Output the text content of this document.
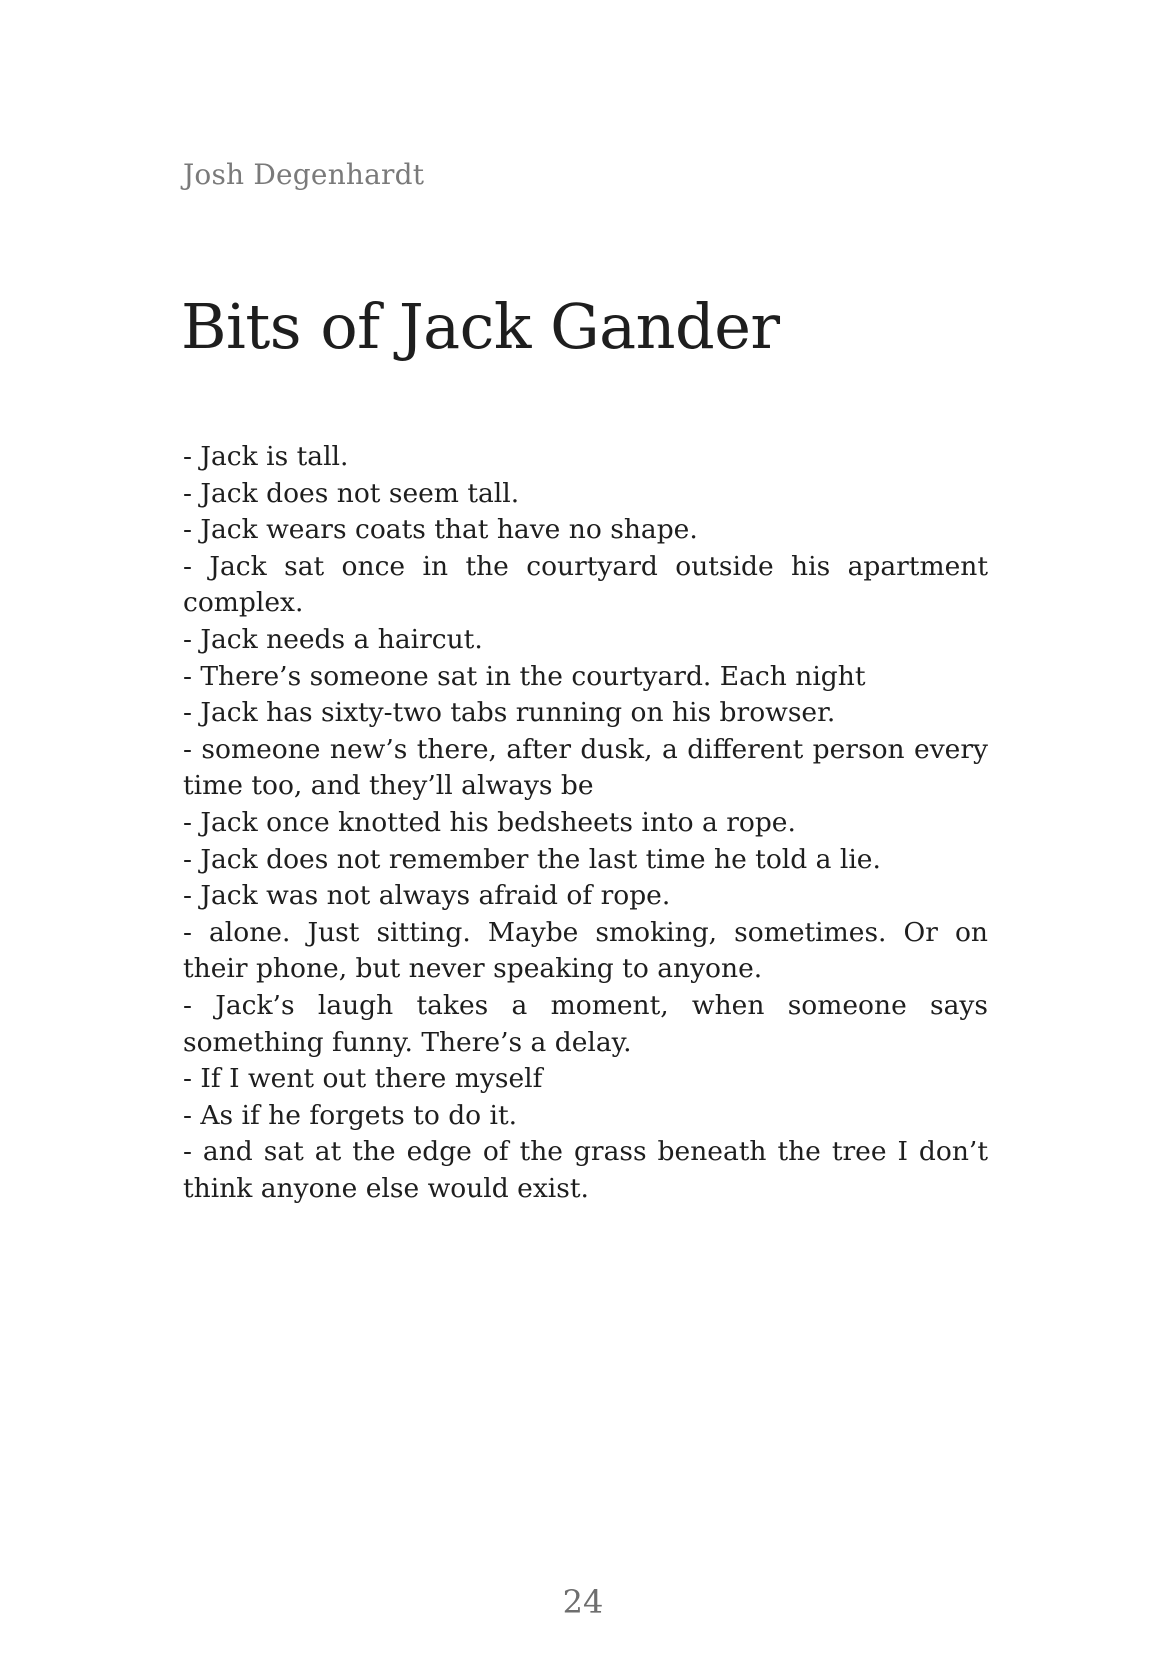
Josh Degenhardt
Bits of Jack Gander

- Jack is tall.

- Jack does not seem tall.

- Jack wears coats that have no shape.

- Jack sat once in the courtyard outside his apartment complex.

- Jack needs a haircut.

- There’s someone sat in the courtyard. Each night

- Jack has sixty-two tabs running on his browser.

- someone new’s there, after dusk, a different person every time too, and they’ll always be

- Jack once knotted his bedsheets into a rope.

- Jack does not remember the last time he told a lie.

- Jack was not always afraid of rope.

- alone. Just sitting. Maybe smoking, sometimes. Or on their phone, but never speaking to anyone.

- Jack’s laugh takes a moment, when someone says something funny. There’s a delay.

- If I went out there myself

- As if he forgets to do it.

- and sat at the edge of the grass beneath the tree I don’t think anyone else would exist.

24
